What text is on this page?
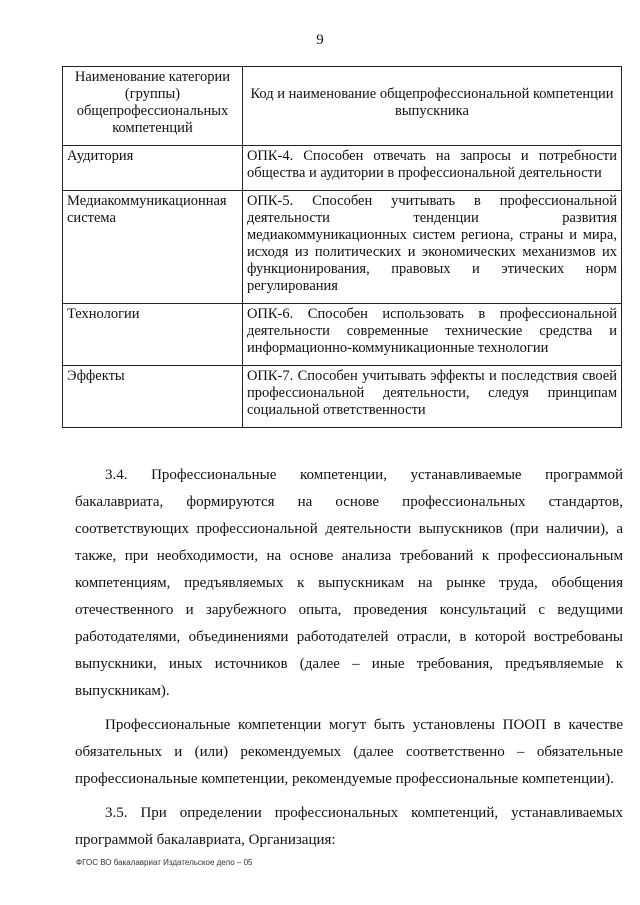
9
Наименование категории (группы) общепрофессиональных компетенций	Код и наименование общепрофессиональной компетенции выпускника
Аудитория	ОПК-4. Способен отвечать на запросы и потребности общества и аудитории в профессиональной деятельности
Медиакоммуникационная система	ОПК-5. Способен учитывать в профессиональной деятельности тенденции развития медиакоммуникационных систем региона, страны и мира, исходя из политических и экономических механизмов их функционирования, правовых и этических норм регулирования
Технологии	ОПК-6. Способен использовать в профессиональной деятельности современные технические средства и информационно-коммуникационные технологии
Эффекты	ОПК-7. Способен учитывать эффекты и последствия своей профессиональной деятельности, следуя принципам социальной ответственности

3.4. Профессиональные компетенции, устанавливаемые программой бакалавриата, формируются на основе профессиональных стандартов, соответствующих профессиональной деятельности выпускников (при наличии), а также, при необходимости, на основе анализа требований к профессиональным компетенциям, предъявляемых к выпускникам на рынке труда, обобщения отечественного и зарубежного опыта, проведения консультаций с ведущими работодателями, объединениями работодателей отрасли, в которой востребованы выпускники, иных источников (далее – иные требования, предъявляемые к выпускникам).

Профессиональные компетенции могут быть установлены ПООП в качестве обязательных и (или) рекомендуемых (далее соответственно – обязательные профессиональные компетенции, рекомендуемые профессиональные компетенции).

3.5. При определении профессиональных компетенций, устанавливаемых программой бакалавриата, Организация:

ФГОС ВО бакалавриат Издательское дело – 05
